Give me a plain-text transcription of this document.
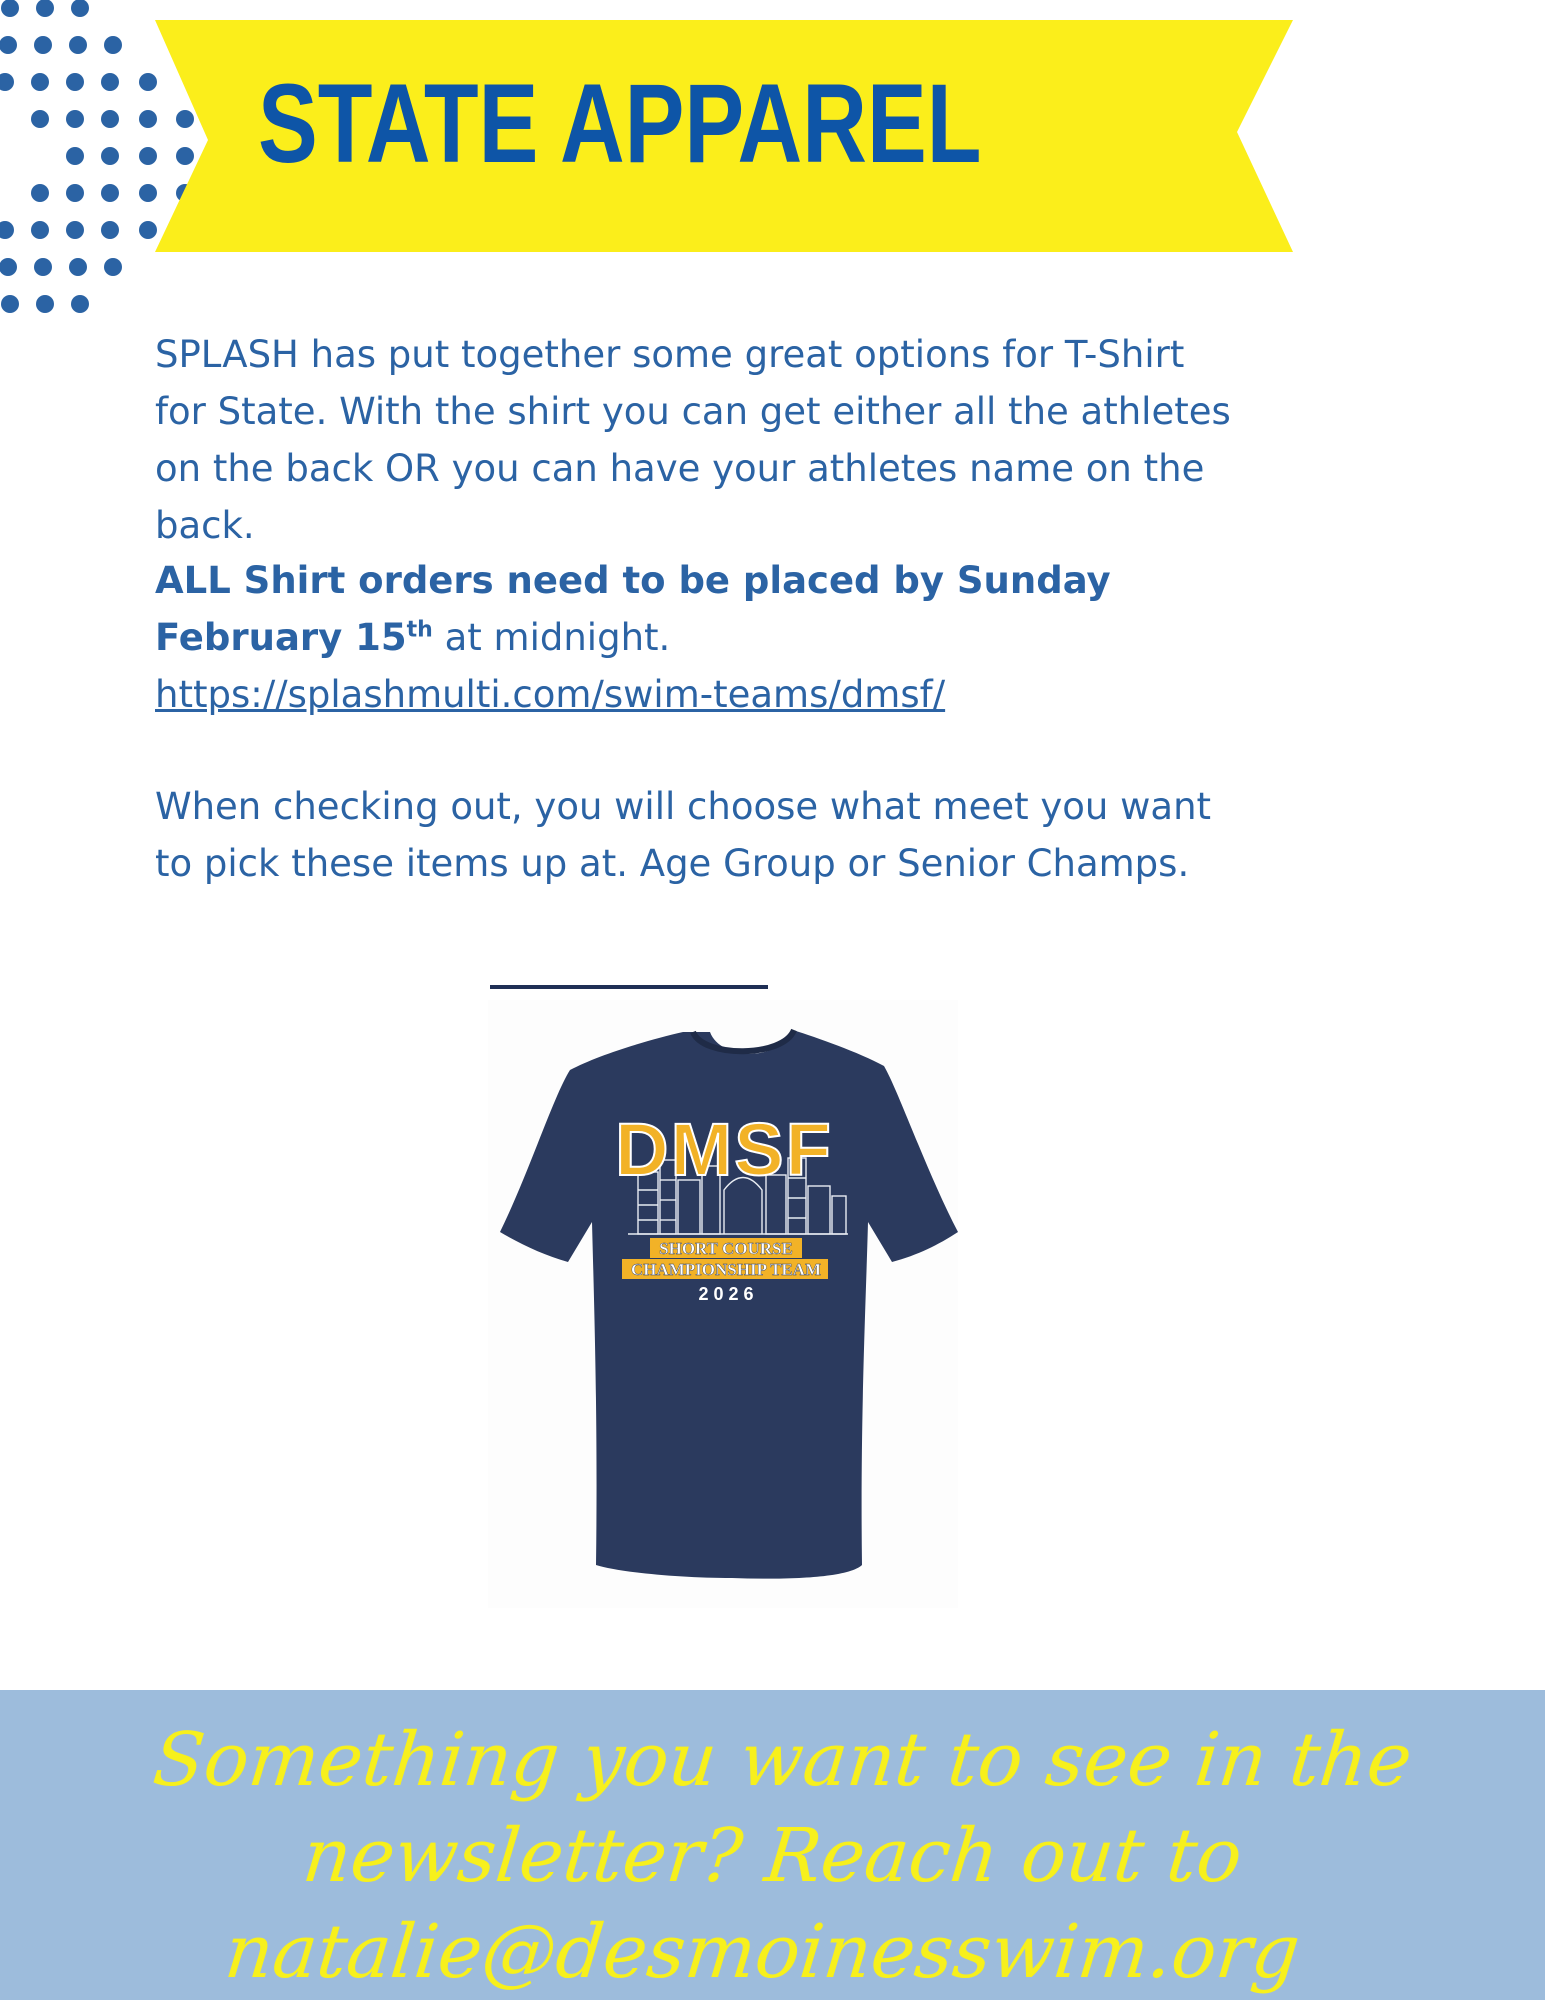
STATE APPAREL
SPLASH has put together some great options for T-Shirt for State. With the shirt you can get either all the athletes on the back OR you can have your athletes name on the back.
ALL Shirt orders need to be placed by Sunday February 15th at midnight. https://splashmulti.com/swim-teams/dmsf/
When checking out, you will choose what meet you want to pick these items up at. Age Group or Senior Champs.
DMSF
SHORT COURSE
CHAMPIONSHIP TEAM
2 0 2 6
Something you want to see in the
newsletter? Reach out to
natalie@desmoinesswim.org
